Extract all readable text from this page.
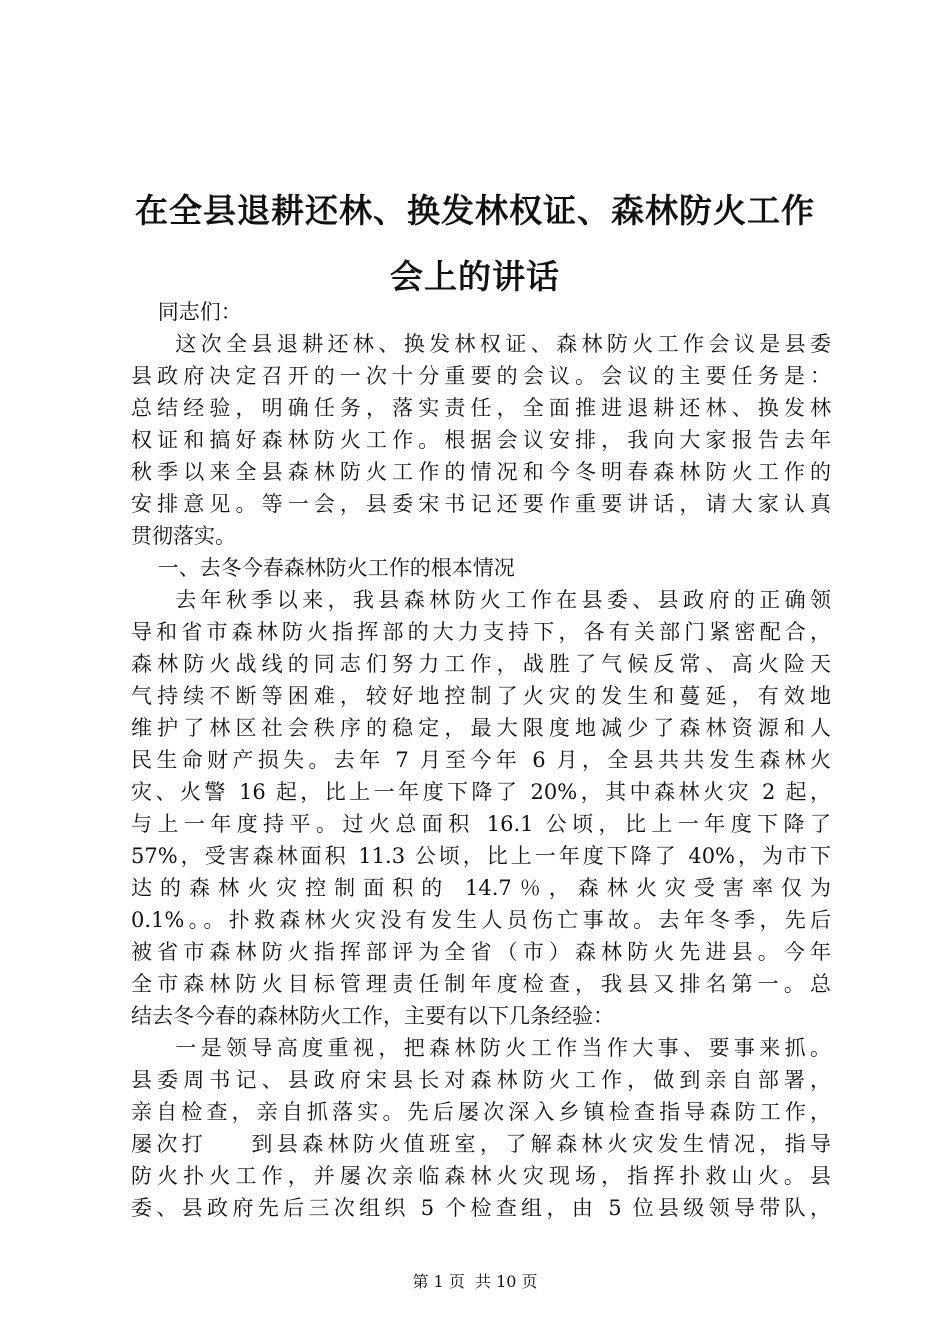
在全县退耕还林、换发林权证、森林防火工作
会上的讲话
同志们：
这次全县退耕还林、换发林权证、森林防火工作会议是县委
县政府决定召开的一次十分重要的会议。会议的主要任务是：
总结经验，明确任务，落实责任，全面推进退耕还林、换发林
权证和搞好森林防火工作。根据会议安排，我向大家报告去年
秋季以来全县森林防火工作的情况和今冬明春森林防火工作的
安排意见。等一会，县委宋书记还要作重要讲话，请大家认真
贯彻落实。
一、去冬今春森林防火工作的根本情况
去年秋季以来，我县森林防火工作在县委、县政府的正确领
导和省市森林防火指挥部的大力支持下，各有关部门紧密配合，
森林防火战线的同志们努力工作，战胜了气候反常、高火险天
气持续不断等困难，较好地控制了火灾的发生和蔓延，有效地
维护了林区社会秩序的稳定，最大限度地减少了森林资源和人
民生命财产损失。去年 7 月至今年 6 月，全县共共发生森林火
灾、火警 16 起，比上一年度下降了 20%，其中森林火灾 2 起，
与上一年度持平。过火总面积 16.1 公顷，比上一年度下降了
57%，受害森林面积 11.3 公顷，比上一年度下降了 40%，为市下
达的森林火灾控制面积的 14.7％，森林火灾受害率仅为
0.1%。。扑救森林火灾没有发生人员伤亡事故。去年冬季，先后
被省市森林防火指挥部评为全省（市）森林防火先进县。今年
全市森林防火目标管理责任制年度检查，我县又排名第一。总
结去冬今春的森林防火工作，主要有以下几条经验：
一是领导高度重视，把森林防火工作当作大事、要事来抓。
县委周书记、县政府宋县长对森林防火工作，做到亲自部署，
亲自检查，亲自抓落实。先后屡次深入乡镇检查指导森防工作，
屡次打    到县森林防火值班室，了解森林火灾发生情况，指导
防火扑火工作，并屡次亲临森林火灾现场，指挥扑救山火。县
委、县政府先后三次组织 5 个检查组，由 5 位县级领导带队，
第 1 页  共 10 页
